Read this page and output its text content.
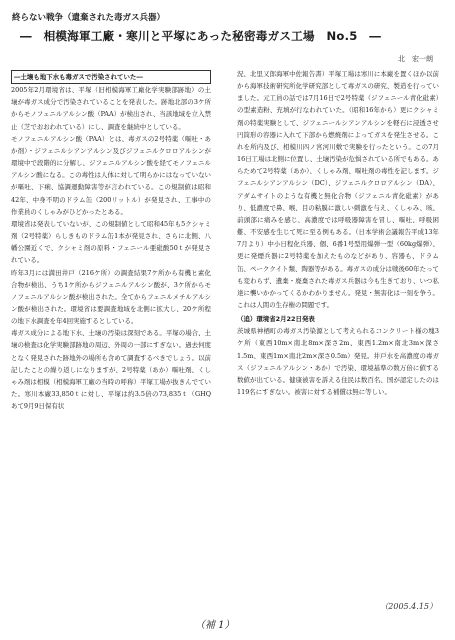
終らない戦争（遺棄された毒ガス兵器）
―　相模海軍工廠・寒川と平塚にあった秘密毒ガス工場　No.5　―
北　宏一朗

―土壌も地下水も毒ガスで汚染されていた―

2005年2月環境省は、平塚（旧相模海軍工廠化学実験部跡地）の土壌が毒ガス成分で汚染されていることを発表した。跡地北部の3ケ所からモノフェニルアルシン酸（PAA）が検出され、当該地域を立入禁止（芝でおおわれている）にし、調査を継続中としている。

モノフェニルアルシン酸（PAA）とは、毒ガスの2号特薬（嘔吐・あか剤）・ジフェニルシアンアルシン及びジフェニルクロロアルシンが環境中で段階的に分解し、ジフェニルアルシン酸を経てモノフェニルアルシン酸になる。この毒性は人体に対して明らかにはなっていないが嘔吐、下痢、協調運動障害等が言われている。この規制値は昭和42年、中身不明のドラム缶（200リットル）が発見され、工事中の作業員のくしゃみがひどかったとある。

環境省は発表していないが、この規制値として昭和45年も5クシャミ剤（2号特薬）らしきものドラム缶1本が発見され、さらに北側、八幡公園近くで、クシャミ剤の原料・フェニール亜砒酸50ｔが発見されている。

昨年3月には満田井戸（216ケ所）の調査結果7ケ所から有機ヒ素化合物が検出、うち1ケ所からジフェニルアルシン酸が、3ケ所からモノフェニルアルシン酸が検出された。全てからフェニルメチルアルシン酸が検出された。環境省は要調査地域を北側に拡大し、20ケ所程の地下水調査を年4回実施するとしている。

毒ガス成分による地下水、土壌の汚染は深刻である。平塚の場合、土壌の検査は化学実験部跡地の周辺、外周の一部にすぎない。過去何度となく発見された跡地外の場所も含めて調査するべきでしょう。以前記したことの繰り返しになりますが、2号特薬（あか）嘔吐剤、くしゃみ剤は相模（相模海軍工廠の当時の呼称）平塚工場が抜きんでていた。寒川本廠33,850ｔに対し、平塚は約3.5倍の73,835ｔ（GHQあて9月9日保有状

況、北里又郎海軍中佐報告書）平塚工場は寒川に本廠を置くほか以前から海軍技術研究所化学研究部として毒ガスの研究、製造を行っていました。元工員の話では7月16日で2号特薬（ジフェニール青化砒素）の型素造粉、充填が行なわれていた。（昭和16年から）更にクシャミ剤の特薬実験として、ジフェニールシアンアルシンを軽石に浸透させ円筒形の容器に入れて下部から燃焼剤によってガスを発生させる。これを所内及び、相模川四ノ宮河川敷で実験を行ったという。この7月16日工場は北側に位置し、土壌汚染が危惧されている所でもある。あらためて2号特薬（あか）、くしゃみ剤、嘔吐剤の毒性を記します。ジフェニルシアンアルシン（DC）、ジフェニルクロロアルシン（DA）、アダムサイトのような有機と無化合物（ジフェニル青化砒素）があり、低濃度で鼻、喉、目の粘膜に激しい刺激を与え、くしゃみ、咳、前頭部に痛みを感じ、高濃度では呼吸器障害を冒し、嘔吐、呼吸困難、不安感を生じて死に至る例もある。（日本学術会議報告平成13年7月より）中小日程化兵器、個、6番1号型用爆弾一型（60kg爆弾）、更に発煙兵器に2号特薬を加えたものなどがあり、容器も、ドラム缶、ペーククイト類、陶器等がある。毒ガスの成分は戦後60年たっても変わらず、遺棄・廃棄された毒ガス兵器は今も生きており、いつ私達に襲いかかってくるかわかりません。発見・無害化は一刻を争う。これは人間の生存権の問題です。

（追）環境省2月22日発表

茨城県神栖町の毒ガス汚染源として考えられるコンクリート様の塊3ケ所（東西10m×南北8m×深さ2m、東西1.2m×南北3m×深さ1.5m、東西1m×南北2m×深さ0.5m）発見。井戸水を高濃度の毒ガス（ジフェニルアルシン・あか）で汚染、環境基準の数万倍に値する数値が出ている。健康被害を訴える住民は数百名、国が認定したのは119名にすぎない。被害に対する補償は無に等しい。

（2005.4.15）
（補 1）
